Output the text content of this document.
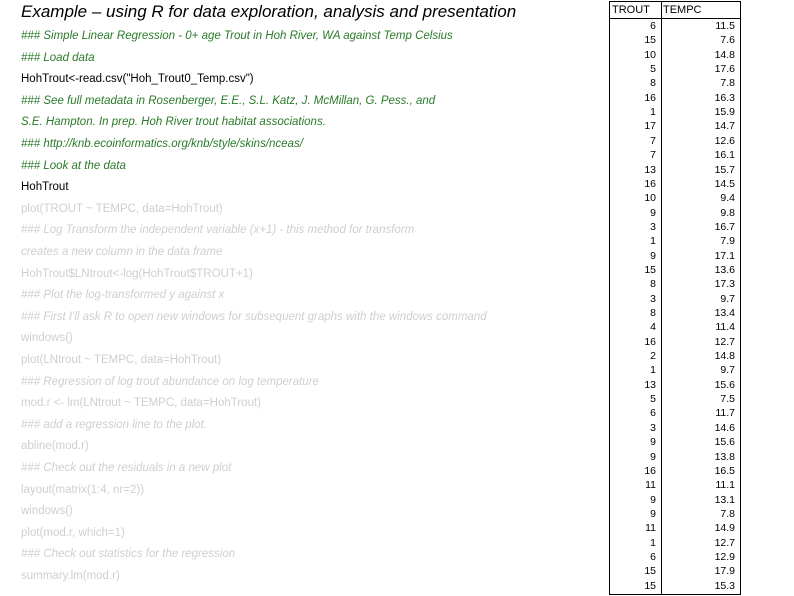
Example – using R for data exploration, analysis and presentation
### Simple Linear Regression - 0+ age Trout in Hoh River, WA against Temp Celsius
### Load data
HohTrout<-read.csv("Hoh_Trout0_Temp.csv")
### See full metadata in Rosenberger, E.E., S.L. Katz, J. McMillan, G. Pess., and
S.E. Hampton. In prep. Hoh River trout habitat associations.
### http://knb.ecoinformatics.org/knb/style/skins/nceas/
### Look at the data
HohTrout
plot(TROUT ~ TEMPC, data=HohTrout)
### Log Transform the independent variable (x+1) - this method for transform
creates a new column in the data frame
HohTrout$LNtrout<-log(HohTrout$TROUT+1)
### Plot the log-transformed y against x
### First I'll ask R to open new windows for subsequent graphs with the windows command
windows()
plot(LNtrout ~ TEMPC, data=HohTrout)
### Regression of log trout abundance on log temperature
mod.r <- lm(LNtrout ~ TEMPC, data=HohTrout)
### add a regression line to the plot.
abline(mod.r)
### Check out the residuals in a new plot
layout(matrix(1:4, nr=2))
windows()
plot(mod.r, which=1)
### Check out statistics for the regression
summary.lm(mod.r)
TROUT TEMPC
6	11.5
15	7.6
10	14.8
5	17.6
8	7.8
16	16.3
1	15.9
17	14.7
7	12.6
7	16.1
13	15.7
16	14.5
10	9.4
9	9.8
3	16.7
1	7.9
9	17.1
15	13.6
8	17.3
3	9.7
8	13.4
4	11.4
16	12.7
2	14.8
1	9.7
13	15.6
5	7.5
6	11.7
3	14.6
9	15.6
9	13.8
16	16.5
11	11.1
9	13.1
9	7.8
11	14.9
1	12.7
6	12.9
15	17.9
15	15.3
